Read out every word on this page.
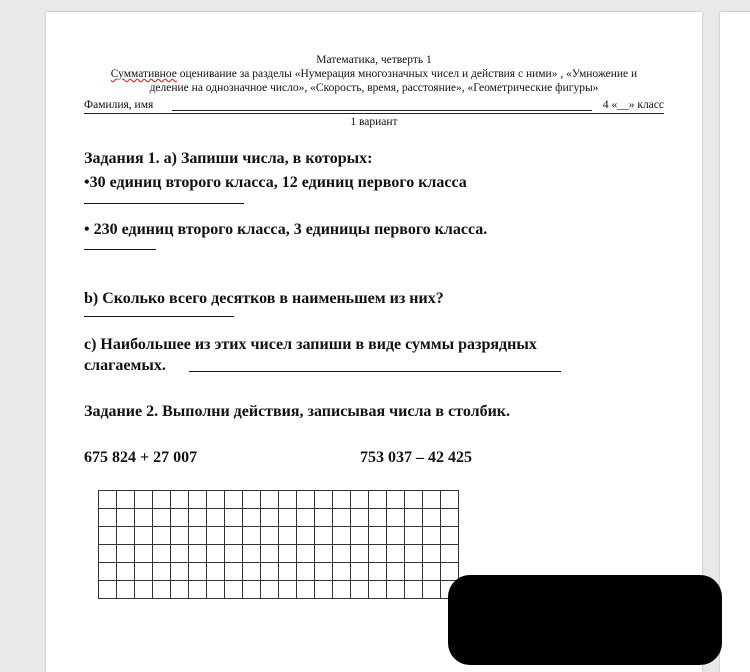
Математика, четверть 1
Суммативное оценивание за разделы «Нумерация многозначных чисел и действия с ними» , «Умножение и
деление на однозначное число», «Скорость, время, расстояние», «Геометрические фигуры»
Фамилия, имя	4 «__» класс
1 вариант
Задания 1. а) Запиши числа, в которых:
•30 единиц второго класса, 12 единиц первого класса
• 230 единиц второго класса, 3 единицы первого класса.
b) Сколько всего десятков в наименьшем из них?
c) Наибольшее из этих чисел запиши в виде суммы разрядных
слагаемых.
Задание 2. Выполни действия, записывая числа в столбик.
675 824 + 27 007	753 037 – 42 425
